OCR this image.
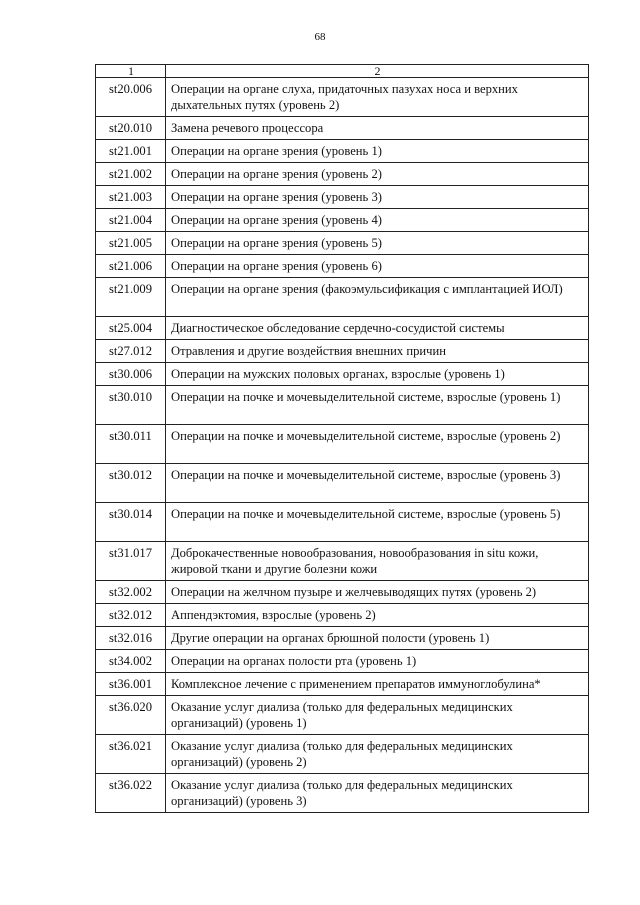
68
1	2
st20.006	Операции на органе слуха, придаточных пазухах носа и верхних дыхательных путях (уровень 2)
st20.010	Замена речевого процессора
st21.001	Операции на органе зрения (уровень 1)
st21.002	Операции на органе зрения (уровень 2)
st21.003	Операции на органе зрения (уровень 3)
st21.004	Операции на органе зрения (уровень 4)
st21.005	Операции на органе зрения (уровень 5)
st21.006	Операции на органе зрения (уровень 6)
st21.009	Операции на органе зрения (факоэмульсификация с имплантацией ИОЛ)
st25.004	Диагностическое обследование сердечно-сосудистой системы
st27.012	Отравления и другие воздействия внешних причин
st30.006	Операции на мужских половых органах, взрослые (уровень 1)
st30.010	Операции на почке и мочевыделительной системе, взрослые (уровень 1)
st30.011	Операции на почке и мочевыделительной системе, взрослые (уровень 2)
st30.012	Операции на почке и мочевыделительной системе, взрослые (уровень 3)
st30.014	Операции на почке и мочевыделительной системе, взрослые (уровень 5)
st31.017	Доброкачественные новообразования, новообразования in situ кожи, жировой ткани и другие болезни кожи
st32.002	Операции на желчном пузыре и желчевыводящих путях (уровень 2)
st32.012	Аппендэктомия, взрослые (уровень 2)
st32.016	Другие операции на органах брюшной полости (уровень 1)
st34.002	Операции на органах полости рта (уровень 1)
st36.001	Комплексное лечение с применением препаратов иммуноглобулина*
st36.020	Оказание услуг диализа (только для федеральных медицинских организаций) (уровень 1)
st36.021	Оказание услуг диализа (только для федеральных медицинских организаций) (уровень 2)
st36.022	Оказание услуг диализа (только для федеральных медицинских организаций) (уровень 3)
